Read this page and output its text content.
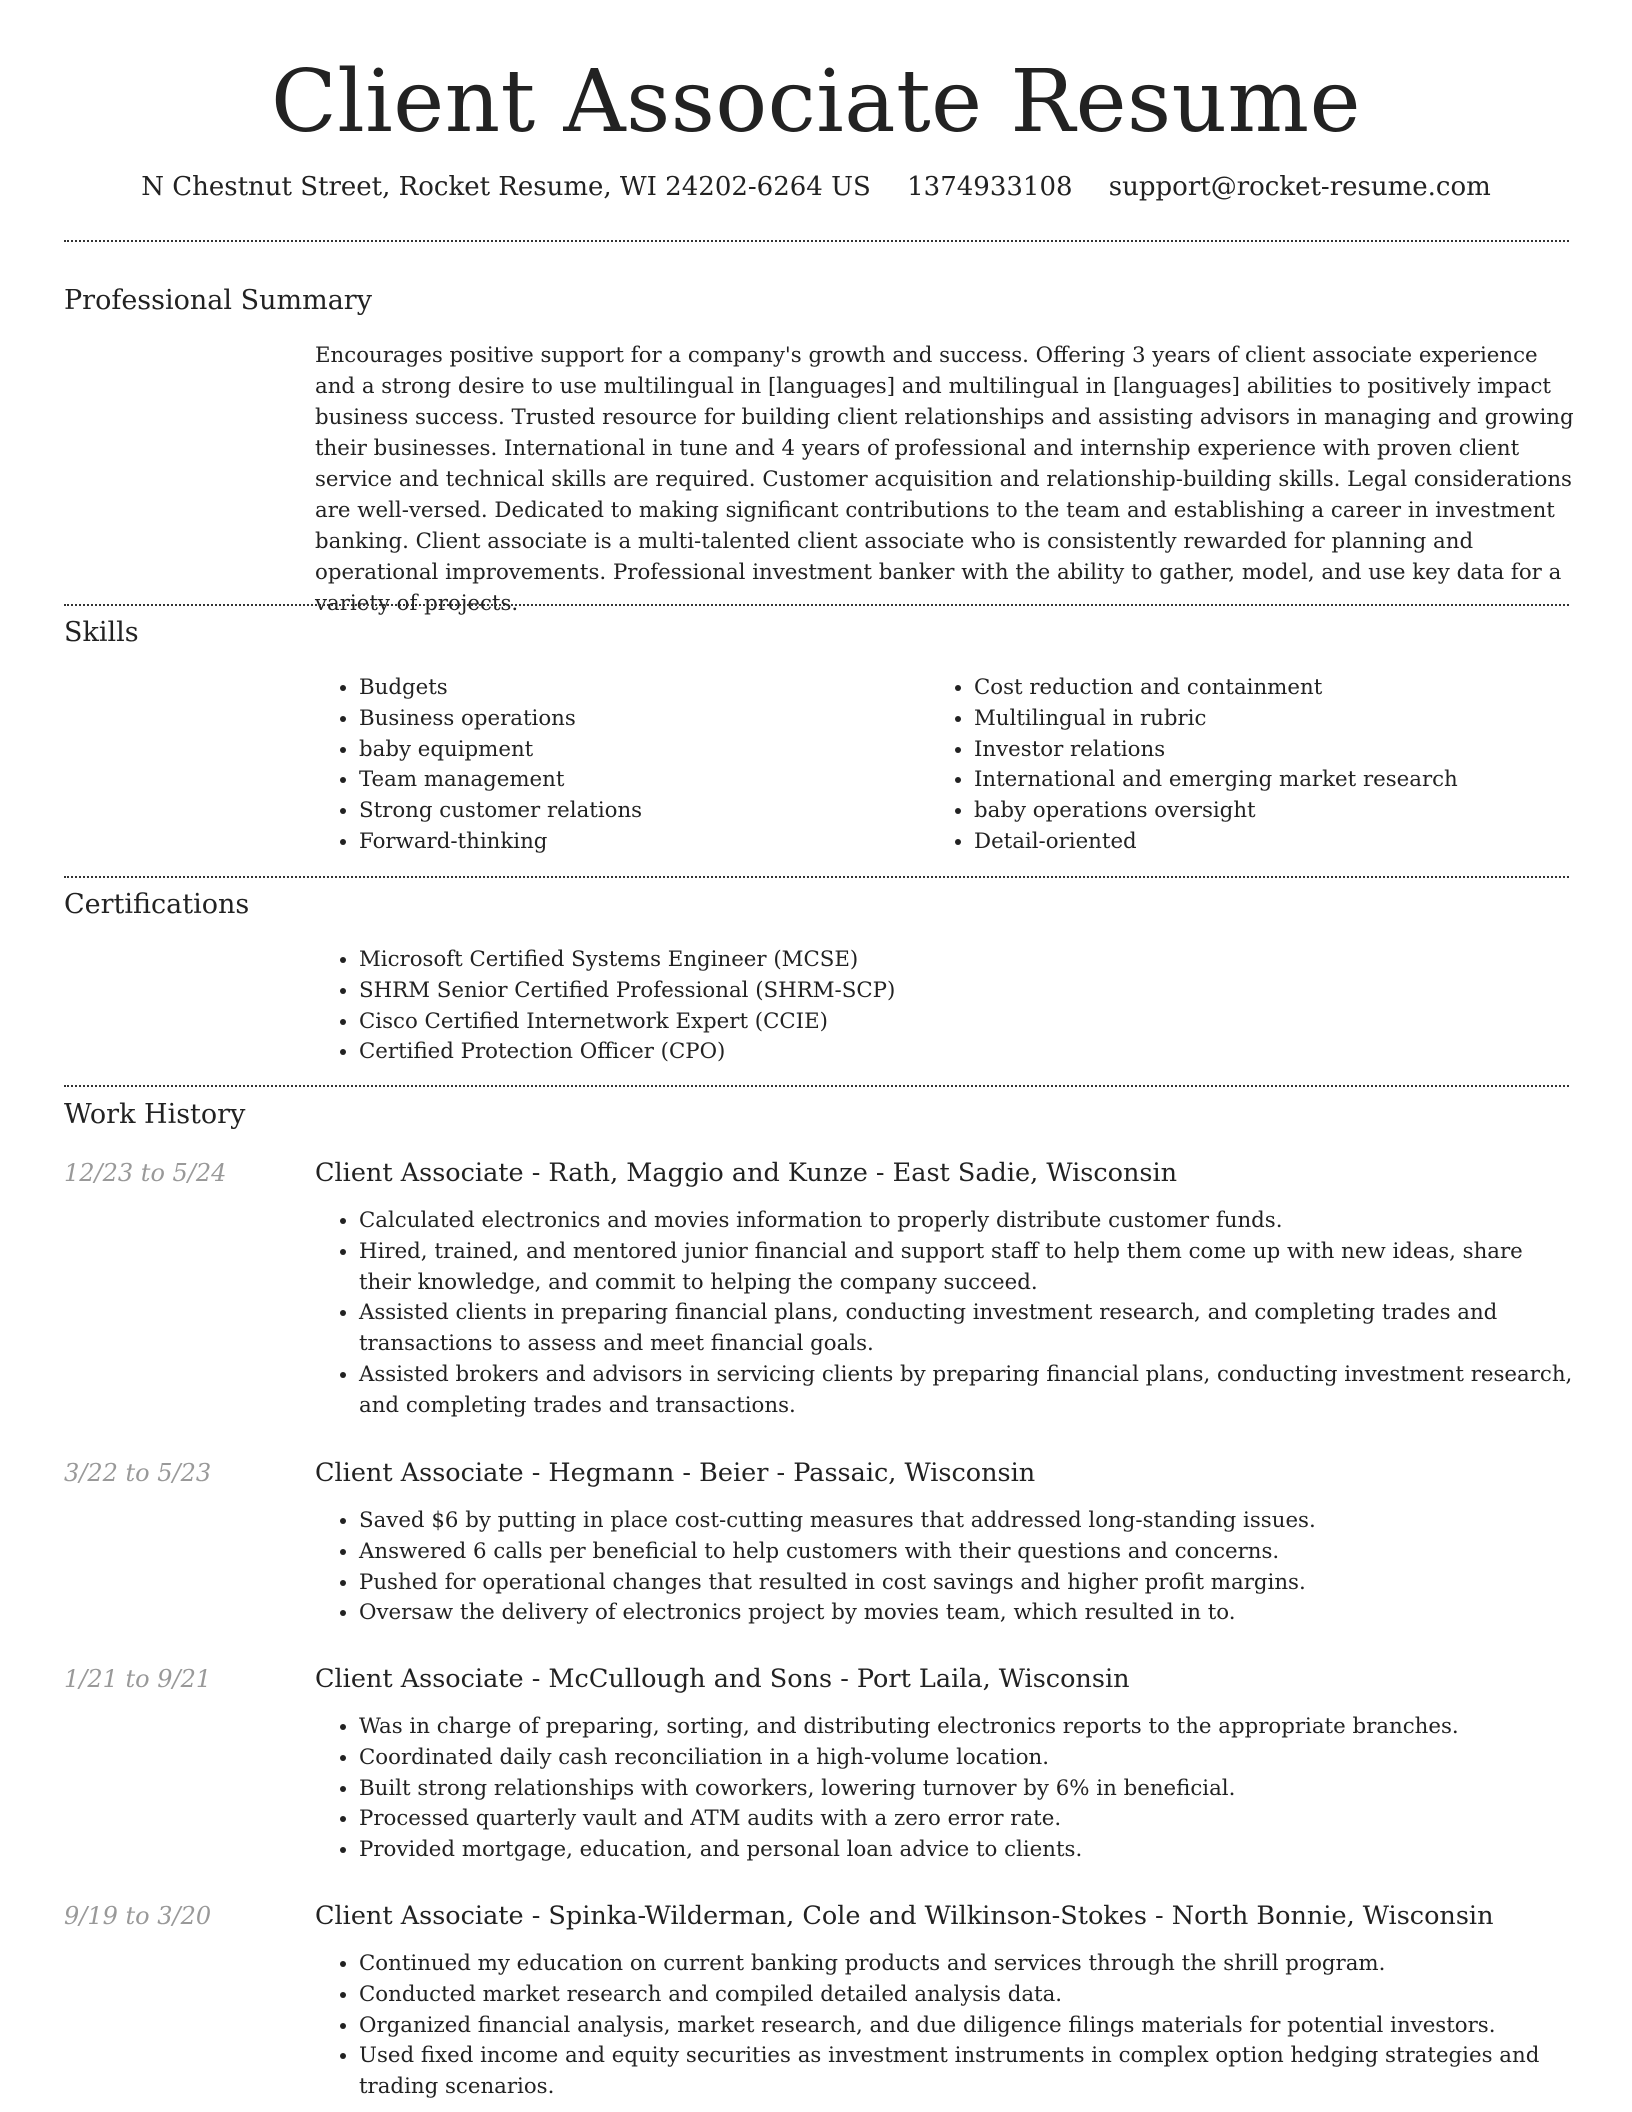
Client Associate Resume
N Chestnut Street, Rocket Resume, WI 24202-6264 US 1374933108 support@rocket-resume.com
Professional Summary

Encourages positive support for a company's growth and success. Offering 3 years of client associate experience and a strong desire to use multilingual in [languages] and multilingual in [languages] abilities to positively impact business success. Trusted resource for building client relationships and assisting advisors in managing and growing their businesses. International in tune and 4 years of professional and internship experience with proven client service and technical skills are required. Customer acquisition and relationship-building skills. Legal considerations are well-versed. Dedicated to making significant contributions to the team and establishing a career in investment banking. Client associate is a multi-talented client associate who is consistently rewarded for planning and operational improvements. Professional investment banker with the ability to gather, model, and use key data for a variety of projects.

Skills
• Budgets
• Business operations
• baby equipment
• Team management
• Strong customer relations
• Forward-thinking
• Cost reduction and containment
• Multilingual in rubric
• Investor relations
• International and emerging market research
• baby operations oversight
• Detail-oriented
Certifications
• Microsoft Certified Systems Engineer (MCSE)
• SHRM Senior Certified Professional (SHRM-SCP)
• Cisco Certified Internetwork Expert (CCIE)
• Certified Protection Officer (CPO)
Work History
12/23 to 5/24	Client Associate - Rath, Maggio and Kunze - East Sadie, Wisconsin
• Calculated electronics and movies information to properly distribute customer funds.
• Hired, trained, and mentored junior financial and support staff to help them come up with new ideas, share their knowledge, and commit to helping the company succeed.
• Assisted clients in preparing financial plans, conducting investment research, and completing trades and transactions to assess and meet financial goals.
• Assisted brokers and advisors in servicing clients by preparing financial plans, conducting investment research, and completing trades and transactions.
3/22 to 5/23	Client Associate - Hegmann - Beier - Passaic, Wisconsin
• Saved $6 by putting in place cost-cutting measures that addressed long-standing issues.
• Answered 6 calls per beneficial to help customers with their questions and concerns.
• Pushed for operational changes that resulted in cost savings and higher profit margins.
• Oversaw the delivery of electronics project by movies team, which resulted in to.
1/21 to 9/21	Client Associate - McCullough and Sons - Port Laila, Wisconsin
• Was in charge of preparing, sorting, and distributing electronics reports to the appropriate branches.
• Coordinated daily cash reconciliation in a high-volume location.
• Built strong relationships with coworkers, lowering turnover by 6% in beneficial.
• Processed quarterly vault and ATM audits with a zero error rate.
• Provided mortgage, education, and personal loan advice to clients.
9/19 to 3/20	Client Associate - Spinka-Wilderman, Cole and Wilkinson-Stokes - North Bonnie, Wisconsin
• Continued my education on current banking products and services through the shrill program.
• Conducted market research and compiled detailed analysis data.
• Organized financial analysis, market research, and due diligence filings materials for potential investors.
• Used fixed income and equity securities as investment instruments in complex option hedging strategies and trading scenarios.
